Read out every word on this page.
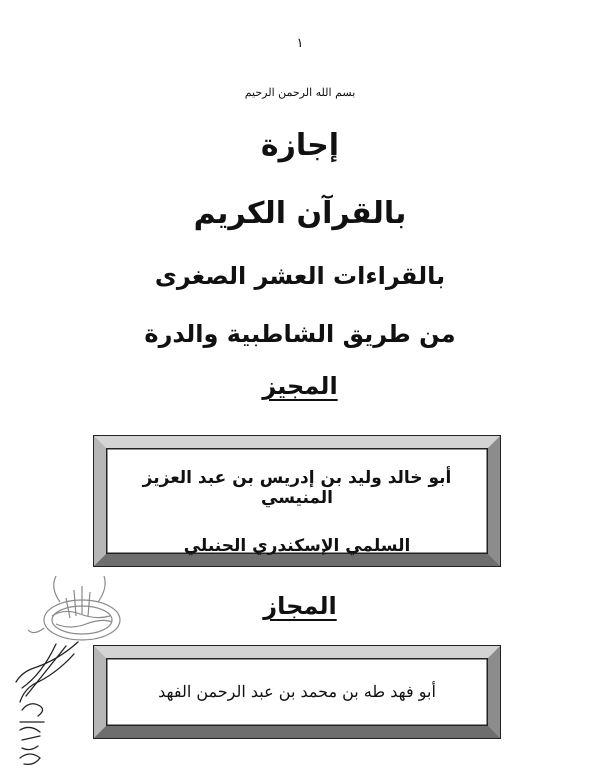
١
بسم الله الرحمن الرحيم
إجازة
بالقرآن الكريم
بالقراءات العشر الصغرى
من طريق الشاطبية والدرة
المجيز
أبو خالد وليد بن إدريس بن عبد العزيز المنيسي
السلمي الإسكندري الحنبلي
المجاز
أبو فهد طه بن محمد بن عبد الرحمن الفهد
